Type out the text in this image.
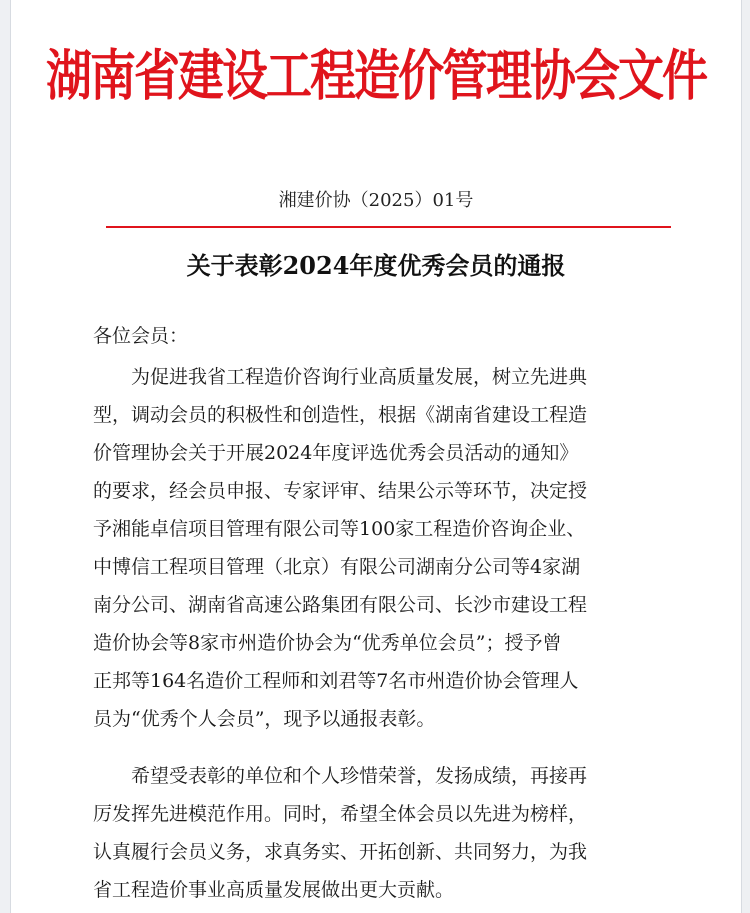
湖南省建设工程造价管理协会文件
湘建价协（2025）01号
关于表彰2024年度优秀会员的通报
各位会员：
为促进我省工程造价咨询行业高质量发展，树立先进典
型，调动会员的积极性和创造性，根据《湖南省建设工程造
价管理协会关于开展2024年度评选优秀会员活动的通知》
的要求，经会员申报、专家评审、结果公示等环节，决定授
予湘能卓信项目管理有限公司等100家工程造价咨询企业、
中博信工程项目管理（北京）有限公司湖南分公司等4家湖
南分公司、湖南省高速公路集团有限公司、长沙市建设工程
造价协会等8家市州造价协会为“优秀单位会员”；授予曾
正邦等164名造价工程师和刘君等7名市州造价协会管理人
员为“优秀个人会员”，现予以通报表彰。
希望受表彰的单位和个人珍惜荣誉，发扬成绩，再接再
厉发挥先进模范作用。同时，希望全体会员以先进为榜样，
认真履行会员义务，求真务实、开拓创新、共同努力，为我
省工程造价事业高质量发展做出更大贡献。
